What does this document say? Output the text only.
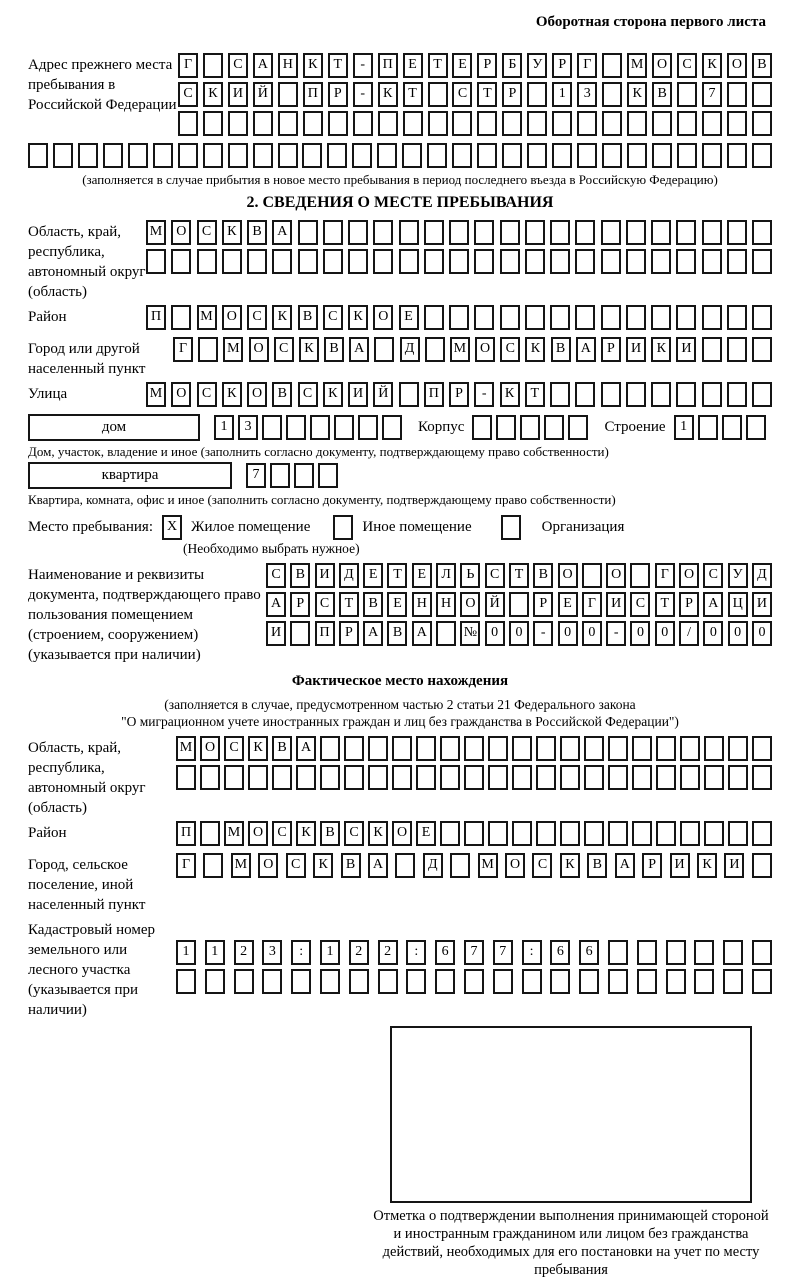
Оборотная сторона первого листа
Адрес прежнего места пребывания в Российской Федерации
Г	С	А	Н	К	Т	-	П	Е	Т	Е	Р	Б	У	Р	Г	М О	С	К	О	В
С	К	И	Й	П	Р	-	К	Т	С	Т	Р	1	3	К	В	7
(заполняется в случае прибытия в новое место пребывания в период последнего въезда в Российскую Федерацию)
2. СВЕДЕНИЯ О МЕСТЕ ПРЕБЫВАНИЯ
Область, край, республика, автономный округ (область)
М О	С	К	В	А
Район	П	М О	С	К	В	С	К	О	Е
Город или другой населенный пункт
Г	М О	С	К	В	А	Д	М О	С	К	В	А	Р	И	К	И
Улица	М О	С	К	О	В	С	К	И	Й	П	Р	-	К	Т
дом	1	3	Корпус	Строение	1
Дом, участок, владение и иное (заполнить согласно документу, подтверждающему право собственности)
квартира	7
Квартира, комната, офис и иное (заполнить согласно документу, подтверждающему право собственности)
Место пребывания: X Жилое помещение	Иное помещение	Организация
(Необходимо выбрать нужное)
Наименование и реквизиты документа, подтверждающего право пользования помещением (строением, сооружением) (указывается при наличии)
С	В	И	Д	Е	Т	Е	Л	Ь	С	Т	В	О	О	Г	О	С	У	Д
А	Р	С	Т	В	Е	Н	Н	О	Й	Р	Е	Г	И	С	Т	Р	А	Ц	И
И	П	Р	А	В	А	№	0	0	-	0	0	-	0	0	/	0	0	0
Фактическое место нахождения
(заполняется в случае, предусмотренном частью 2 статьи 21 Федерального закона
"О миграционном учете иностранных граждан и лиц без гражданства в Российской Федерации")
Область, край, республика, автономный округ (область)
М О	С	К	В	А
Район	П	М О	С	К	В	С	К	О	Е
Город, сельское поселение, иной населенный пункт
Г	М	О	С	К	В	А	Д	М	О	С	К	В	А	Р	И	К	И
Кадастровый номер земельного или лесного участка (указывается при наличии)
1	1	2	3	:	1	2	2	:	6	7	7	:	6	6
Отметка о подтверждении выполнения принимающей стороной и иностранным гражданином или лицом без гражданства действий, необходимых для его постановки на учет по месту пребывания
